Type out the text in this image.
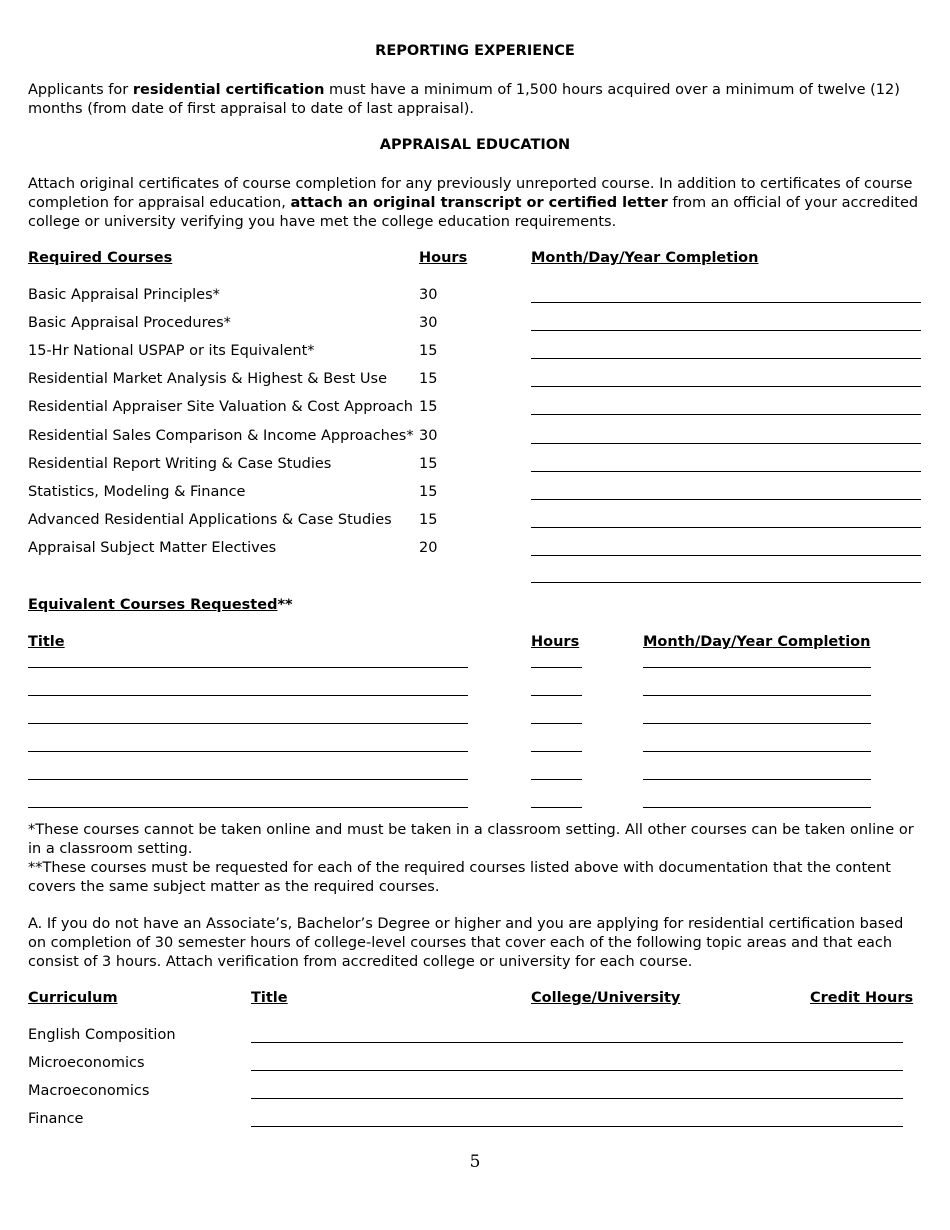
REPORTING EXPERIENCE
Applicants for residential certification must have a minimum of 1,500 hours acquired over a minimum of twelve (12) months (from date of first appraisal to date of last appraisal).
APPRAISAL EDUCATION
Attach original certificates of course completion for any previously unreported course. In addition to certificates of course completion for appraisal education, attach an original transcript or certified letter from an official of your accredited college or university verifying you have met the college education requirements.
Required Courses	Hours	Month/Day/Year Completion
Basic Appraisal Principles*	30
Basic Appraisal Procedures*	30
15-Hr National USPAP or its Equivalent*	15
Residential Market Analysis & Highest & Best Use 15
Residential Appraiser Site Valuation & Cost Approach 15
Residential Sales Comparison & Income Approaches* 30
Residential Report Writing & Case Studies	15
Statistics, Modeling & Finance	15
Advanced Residential Applications & Case Studies 15
Appraisal Subject Matter Electives	20
Equivalent Courses Requested**
Title	Hours	Month/Day/Year Completion
*These courses cannot be taken online and must be taken in a classroom setting. All other courses can be taken online or in a classroom setting.
**These courses must be requested for each of the required courses listed above with documentation that the content covers the same subject matter as the required courses.
A. If you do not have an Associate’s, Bachelor’s Degree or higher and you are applying for residential certification based on completion of 30 semester hours of college-level courses that cover each of the following topic areas and that each consist of 3 hours. Attach verification from accredited college or university for each course.
Curriculum	Title	College/University	Credit Hours
English Composition
Microeconomics
Macroeconomics
Finance
5
